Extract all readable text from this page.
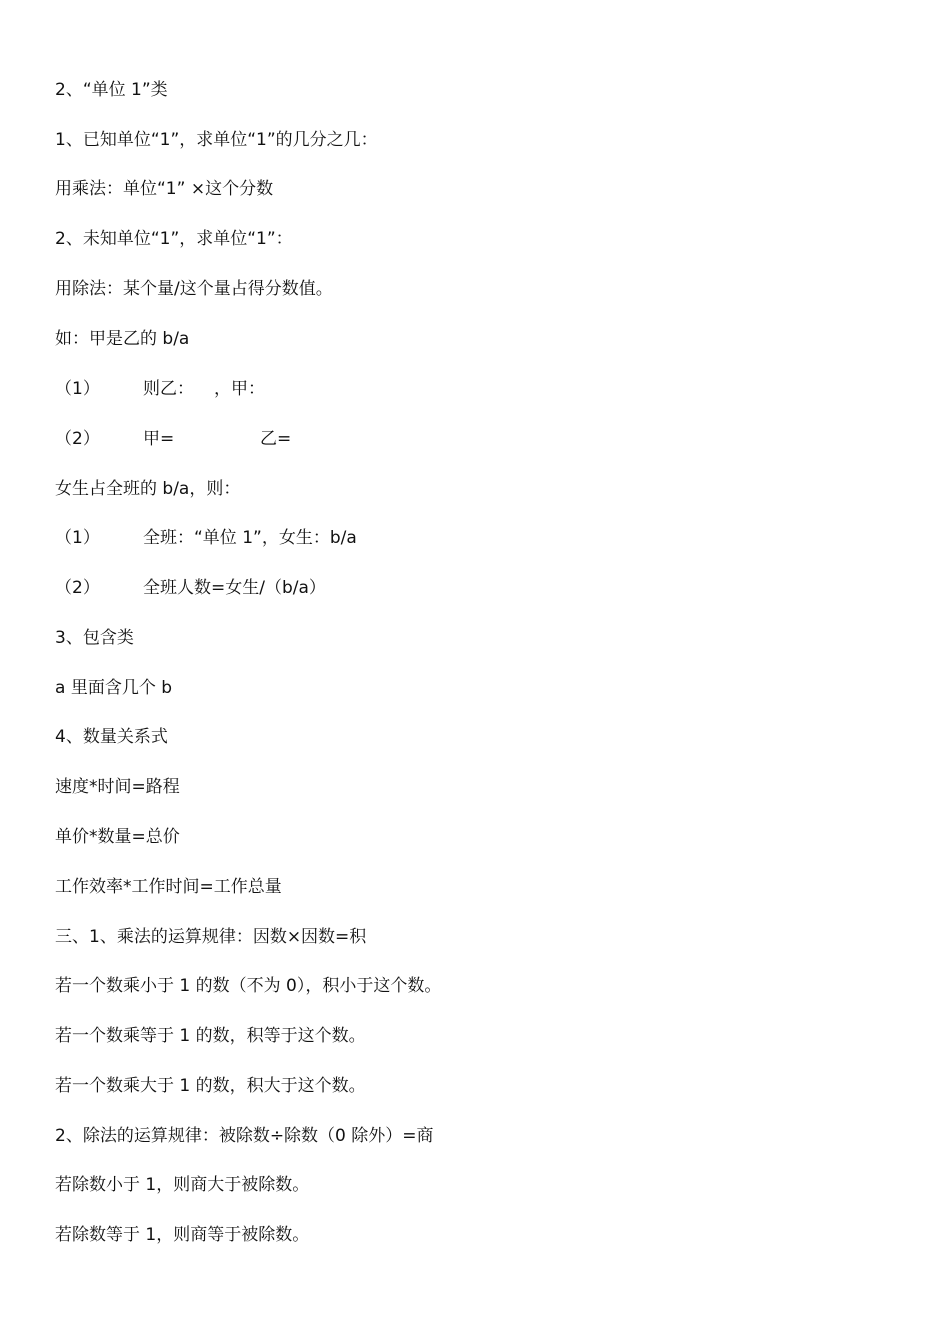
2、“单位 1”类
1、已知单位“1”，求单位“1”的几分之几：
用乘法：单位“1” ×这个分数
2、未知单位“1”，求单位“1”：
用除法：某个量/这个量占得分数值。
如：甲是乙的 b/a
（1）	则乙： ，甲：
（2）	甲=	乙=
女生占全班的 b/a，则：
（1）	全班：“单位 1”，女生：b/a
（2）	全班人数=女生/（b/a）
3、包含类
a 里面含几个 b
4、数量关系式
速度*时间=路程
单价*数量=总价
工作效率*工作时间=工作总量
三、1、乘法的运算规律：因数×因数=积
若一个数乘小于 1 的数（不为 0），积小于这个数。
若一个数乘等于 1 的数，积等于这个数。
若一个数乘大于 1 的数，积大于这个数。
2、除法的运算规律：被除数÷除数（0 除外）=商
若除数小于 1，则商大于被除数。
若除数等于 1，则商等于被除数。
